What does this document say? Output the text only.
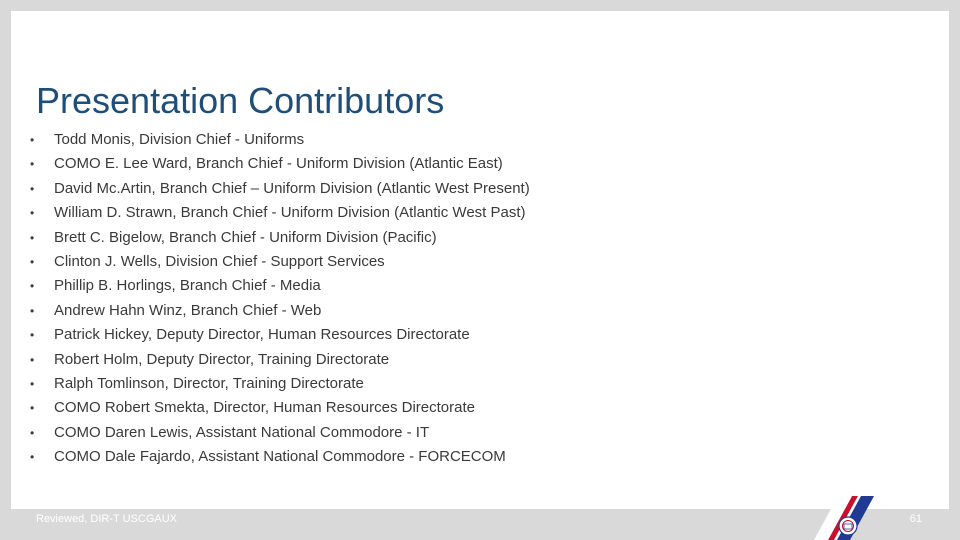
Presentation Contributors
•	Todd Monis, Division Chief - Uniforms
•	COMO E. Lee Ward, Branch Chief - Uniform Division (Atlantic East)
•	David Mc.Artin, Branch Chief – Uniform Division (Atlantic West Present)
•	William D. Strawn, Branch Chief - Uniform Division (Atlantic West Past)
•	Brett C. Bigelow, Branch Chief - Uniform Division (Pacific)
•	Clinton J. Wells, Division Chief - Support Services
•	Phillip B. Horlings, Branch Chief - Media
•	Andrew Hahn Winz, Branch Chief - Web
•	Patrick Hickey, Deputy Director, Human Resources Directorate
•	Robert Holm, Deputy Director, Training Directorate
•	Ralph Tomlinson, Director, Training Directorate
•	COMO Robert Smekta, Director, Human Resources Directorate
•	COMO Daren Lewis, Assistant National Commodore - IT
•	COMO Dale Fajardo, Assistant National Commodore - FORCECOM
Reviewed, DIR-T USCGAUX	61
